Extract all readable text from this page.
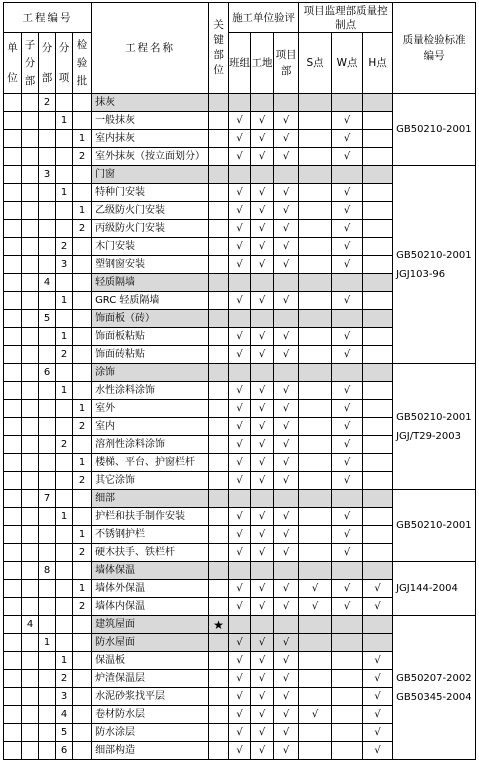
工程编号					工程名称	关键部位	施工单位验评			项目监理部质量控制点			质量检验标准编号
单位	子分部	分部	分项	检验批			班组	工地	项目部	S点	W点	H点	
		2			抹灰								GB50210-2001
			1		一般抹灰		√	√	√		√		
				1	室内抹灰		√	√	√		√		
				2	室外抹灰（按立面划分）		√	√	√		√		
		3			门窗								GB50210-2001 JGJ103-96
			1		特种门安装		√	√	√		√		
				1	乙级防火门安装		√	√	√		√		
				2	丙级防火门安装		√	√	√		√		
			2		木门安装		√	√	√		√		
			3		塑钢窗安装		√	√	√		√		
		4			轻质隔墙								
			1		GRC 轻质隔墙		√	√	√		√		
		5			饰面板（砖）								
			1		饰面板粘贴		√	√	√		√		
			2		饰面砖粘贴		√	√	√		√		
		6			涂饰								GB50210-2001 JGJ/T29-2003
			1		水性涂料涂饰		√	√	√		√		
				1	室外		√	√	√		√		
				2	室内		√	√	√		√		
			2		溶剂性涂料涂饰		√	√	√		√		
				1	楼梯、平台、护窗栏杆		√	√	√		√		
				2	其它涂饰		√	√	√		√		
		7			细部								GB50210-2001
			1		护栏和扶手制作安装		√	√	√		√		
				1	不锈钢护栏		√	√	√		√		
				2	硬木扶手、铁栏杆		√	√	√		√		
		8			墙体保温								JGJ144-2004
				1	墙体外保温		√	√	√	√	√	√	
				2	墙体内保温		√	√	√	√	√	√	
	4				建筑屋面	★							GB50207-2002 GB50345-2004
		1			防水屋面		√	√	√				
			1		保温板		√	√	√			√	
			2		炉渣保温层		√	√	√			√	
			3		水泥砂浆找平层		√	√	√			√	
			4		卷材防水层		√	√	√	√		√	
			5		防水涂层		√	√	√			√	
			6		细部构造		√	√	√			√	
